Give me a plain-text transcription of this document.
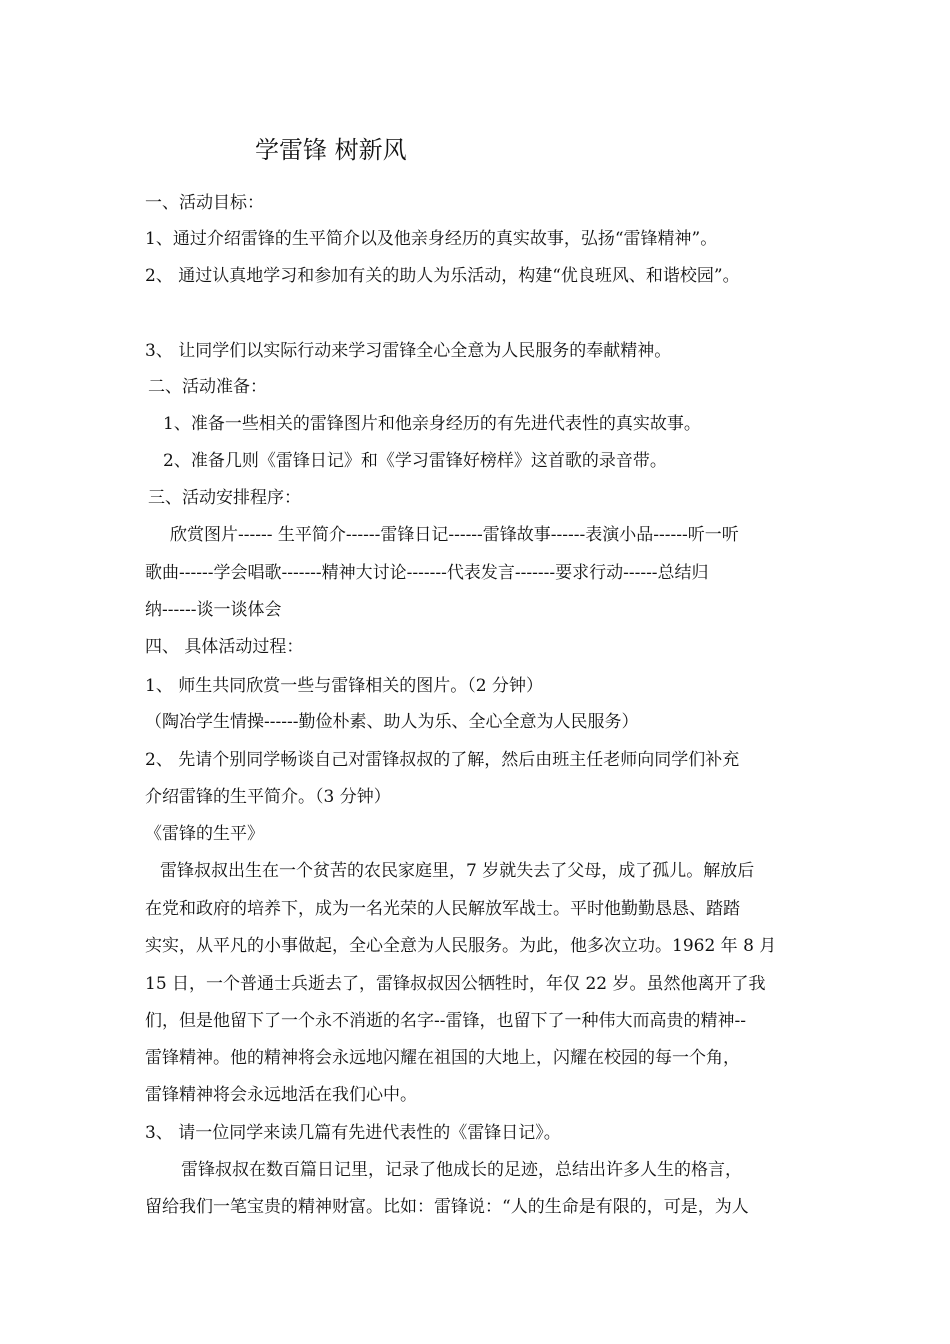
学雷锋 树新风
一、活动目标：
1、通过介绍雷锋的生平简介以及他亲身经历的真实故事，弘扬“雷锋精神”。
2、 通过认真地学习和参加有关的助人为乐活动，构建“优良班风、和谐校园”。
3、 让同学们以实际行动来学习雷锋全心全意为人民服务的奉献精神。
二、活动准备：
1、准备一些相关的雷锋图片和他亲身经历的有先进代表性的真实故事。
2、准备几则《雷锋日记》和《学习雷锋好榜样》这首歌的录音带。
三、活动安排程序：
欣赏图片------ 生平简介------雷锋日记------雷锋故事------表演小品------听一听
歌曲------学会唱歌-------精神大讨论-------代表发言-------要求行动------总结归
纳------谈一谈体会
四、 具体活动过程：
1、 师生共同欣赏一些与雷锋相关的图片。（2 分钟）
（陶冶学生情操------勤俭朴素、助人为乐、全心全意为人民服务）
2、 先请个别同学畅谈自己对雷锋叔叔的了解，然后由班主任老师向同学们补充
介绍雷锋的生平简介。（3 分钟）
《雷锋的生平》
雷锋叔叔出生在一个贫苦的农民家庭里，7 岁就失去了父母，成了孤儿。解放后
在党和政府的培养下，成为一名光荣的人民解放军战士。平时他勤勤恳恳、踏踏
实实，从平凡的小事做起，全心全意为人民服务。为此，他多次立功。1962 年 8 月
15 日，一个普通士兵逝去了，雷锋叔叔因公牺牲时，年仅 22 岁。虽然他离开了我
们，但是他留下了一个永不消逝的名字--雷锋，也留下了一种伟大而高贵的精神--
雷锋精神。他的精神将会永远地闪耀在祖国的大地上，闪耀在校园的每一个角，
雷锋精神将会永远地活在我们心中。
3、 请一位同学来读几篇有先进代表性的《雷锋日记》。
雷锋叔叔在数百篇日记里，记录了他成长的足迹，总结出许多人生的格言，
留给我们一笔宝贵的精神财富。比如：雷锋说：“人的生命是有限的，可是，为人
